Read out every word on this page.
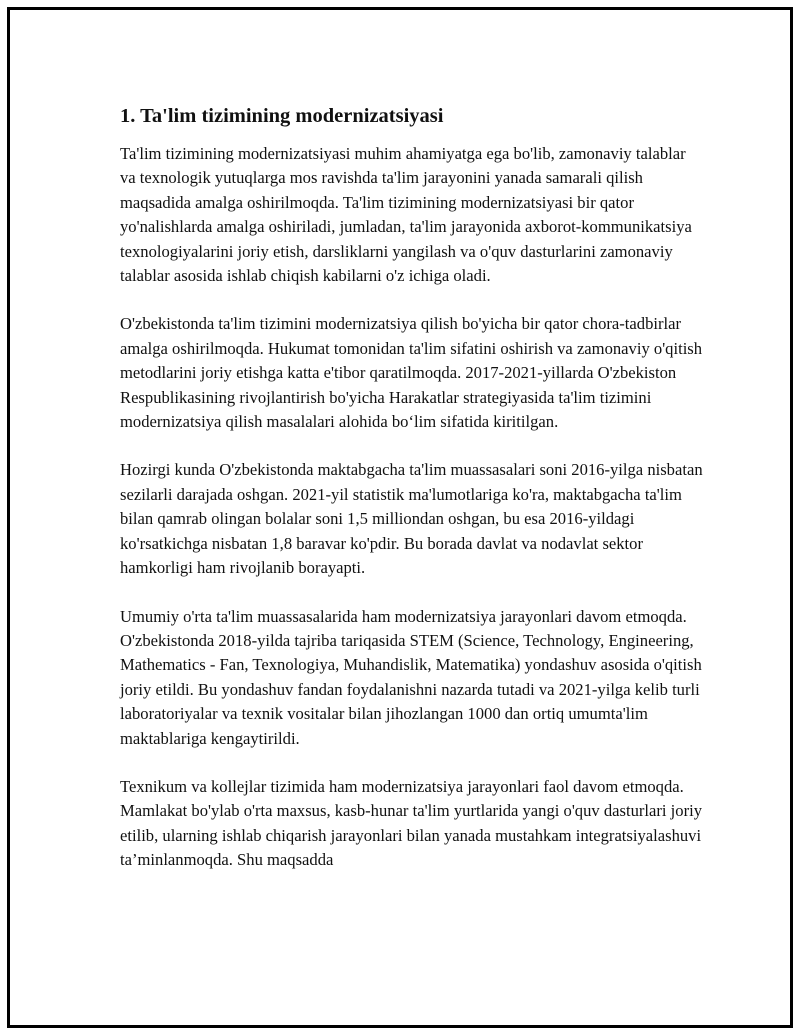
1. Ta'lim tizimining modernizatsiyasi

Ta'lim tizimining modernizatsiyasi muhim ahamiyatga ega bo'lib, zamonaviy talablar va texnologik yutuqlarga mos ravishda ta'lim jarayonini yanada samarali qilish maqsadida amalga oshirilmoqda. Ta'lim tizimining modernizatsiyasi bir qator yo'nalishlarda amalga oshiriladi, jumladan, ta'lim jarayonida axborot-kommunikatsiya texnologiyalarini joriy etish, darsliklarni yangilash va o'quv dasturlarini zamonaviy talablar asosida ishlab chiqish kabilarni o'z ichiga oladi.

O'zbekistonda ta'lim tizimini modernizatsiya qilish bo'yicha bir qator chora-tadbirlar amalga oshirilmoqda. Hukumat tomonidan ta'lim sifatini oshirish va zamonaviy o'qitish metodlarini joriy etishga katta e'tibor qaratilmoqda. 2017-2021-yillarda O'zbekiston Respublikasining rivojlantirish bo'yicha Harakatlar strategiyasida ta'lim tizimini modernizatsiya qilish masalalari alohida bo‘lim sifatida kiritilgan.

Hozirgi kunda O'zbekistonda maktabgacha ta'lim muassasalari soni 2016-yilga nisbatan sezilarli darajada oshgan. 2021-yil statistik ma'lumotlariga ko'ra, maktabgacha ta'lim bilan qamrab olingan bolalar soni 1,5 milliondan oshgan, bu esa 2016-yildagi ko'rsatkichga nisbatan 1,8 baravar ko'pdir. Bu borada davlat va nodavlat sektor hamkorligi ham rivojlanib borayapti.

Umumiy o'rta ta'lim muassasalarida ham modernizatsiya jarayonlari davom etmoqda. O'zbekistonda 2018-yilda tajriba tariqasida STEM (Science, Technology, Engineering, Mathematics - Fan, Texnologiya, Muhandislik, Matematika) yondashuv asosida o'qitish joriy etildi. Bu yondashuv fandan foydalanishni nazarda tutadi va 2021-yilga kelib turli laboratoriyalar va texnik vositalar bilan jihozlangan 1000 dan ortiq umumta'lim maktablariga kengaytirildi.

Texnikum va kollejlar tizimida ham modernizatsiya jarayonlari faol davom etmoqda. Mamlakat bo'ylab o'rta maxsus, kasb-hunar ta'lim yurtlarida yangi o'quv dasturlari joriy etilib, ularning ishlab chiqarish jarayonlari bilan yanada mustahkam integratsiyalashuvi ta’minlanmoqda. Shu maqsadda
